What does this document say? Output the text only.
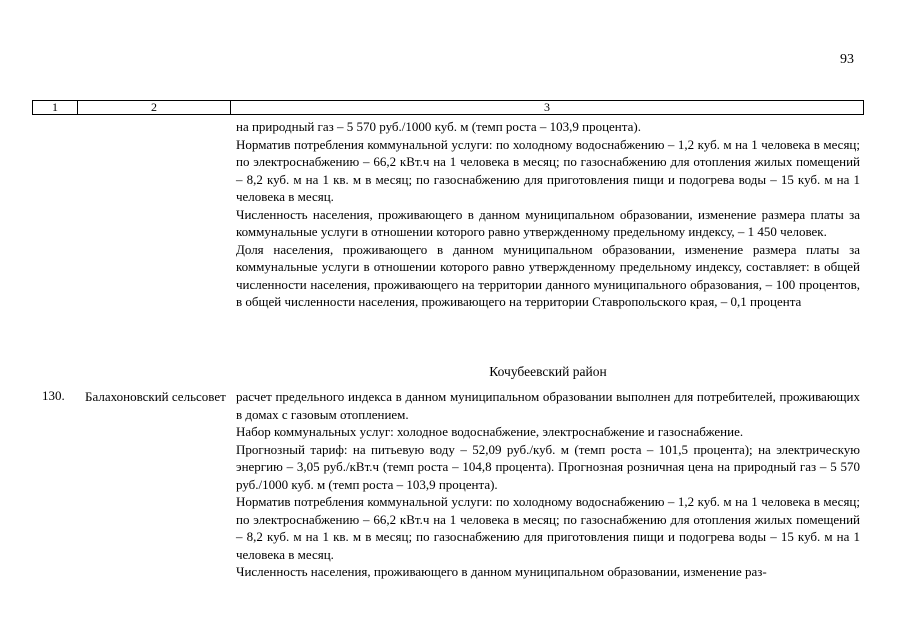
93
1	2	3

на природный газ – 5 570 руб./1000 куб. м (темп роста – 103,9 процента).

Норматив потребления коммунальной услуги: по холодному водоснабжению – 1,2 куб. м на 1 человека в месяц; по электроснабжению – 66,2 кВт.ч на 1 человека в месяц; по газоснабжению для отопления жилых помещений – 8,2 куб. м на 1 кв. м в месяц; по газоснабжению для приготовления пищи и подогрева воды – 15 куб. м на 1 человека в месяц.

Численность населения, проживающего в данном муниципальном образовании, изменение размера платы за коммунальные услуги в отношении которого равно утвержденному предельному индексу, – 1 450 человек.

Доля населения, проживающего в данном муниципальном образовании, изменение размера платы за коммунальные услуги в отношении которого равно утвержденному предельному индексу, составляет: в общей численности населения, проживающего на территории данного муниципального образования, – 100 процентов, в общей численности населения, проживающего на территории Ставропольского края, – 0,1 процента

Кочубеевский район
130. Балахоновский сельсовет расчет предельного индекса в данном муниципальном образовании выполнен для потребителей, проживающих в домах с газовым отоплением.

Набор коммунальных услуг: холодное водоснабжение, электроснабжение и газоснабжение.

Прогнозный тариф: на питьевую воду – 52,09 руб./куб. м (темп роста – 101,5 процента); на электрическую энергию – 3,05 руб./кВт.ч (темп роста – 104,8 процента). Прогнозная розничная цена на природный газ – 5 570 руб./1000 куб. м (темп роста – 103,9 процента).

Норматив потребления коммунальной услуги: по холодному водоснабжению – 1,2 куб. м на 1 человека в месяц; по электроснабжению – 66,2 кВт.ч на 1 человека в месяц; по газоснабжению для отопления жилых помещений – 8,2 куб. м на 1 кв. м в месяц; по газоснабжению для приготовления пищи и подогрева воды – 15 куб. м на 1 человека в месяц.

Численность населения, проживающего в данном муниципальном образовании, изменение раз-
